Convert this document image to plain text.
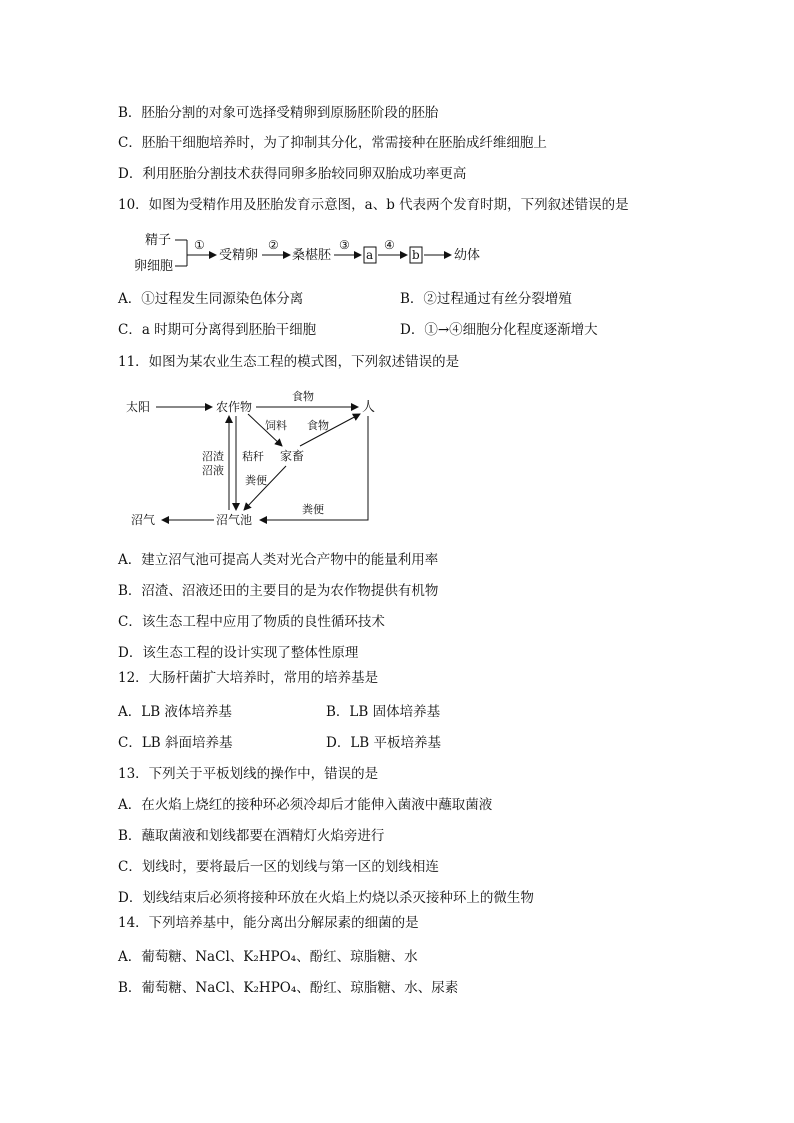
B．胚胎分割的对象可选择受精卵到原肠胚阶段的胚胎
C．胚胎干细胞培养时，为了抑制其分化，常需接种在胚胎成纤维细胞上
D．利用胚胎分割技术获得同卵多胎较同卵双胎成功率更高
10．如图为受精作用及胚胎发育示意图，a、b 代表两个发育时期，下列叙述错误的是
精子
卵细胞
①
受精卵
②
桑椹胚
③
a
④
b	幼体
A．①过程发生同源染色体分离	B．②过程通过有丝分裂增殖
C．a 时期可分离得到胚胎干细胞	D．①→④细胞分化程度逐渐增大
11．如图为某农业生态工程的模式图，下列叙述错误的是
太阳	农作物	人
家畜
沼气	沼气池
食物
饲料 食物
沼渣
沼液
秸秆
粪便
粪便
A．建立沼气池可提高人类对光合产物中的能量利用率
B．沼渣、沼液还田的主要目的是为农作物提供有机物
C．该生态工程中应用了物质的良性循环技术
D．该生态工程的设计实现了整体性原理
12．大肠杆菌扩大培养时，常用的培养基是
A．LB 液体培养基	B．LB 固体培养基
C．LB 斜面培养基	D．LB 平板培养基
13．下列关于平板划线的操作中，错误的是
A．在火焰上烧红的接种环必须冷却后才能伸入菌液中蘸取菌液
B．蘸取菌液和划线都要在酒精灯火焰旁进行
C．划线时，要将最后一区的划线与第一区的划线相连
D．划线结束后必须将接种环放在火焰上灼烧以杀灭接种环上的微生物
14．下列培养基中，能分离出分解尿素的细菌的是
A．葡萄糖、NaCl、K₂HPO₄、酚红、琼脂糖、水
B．葡萄糖、NaCl、K₂HPO₄、酚红、琼脂糖、水、尿素
